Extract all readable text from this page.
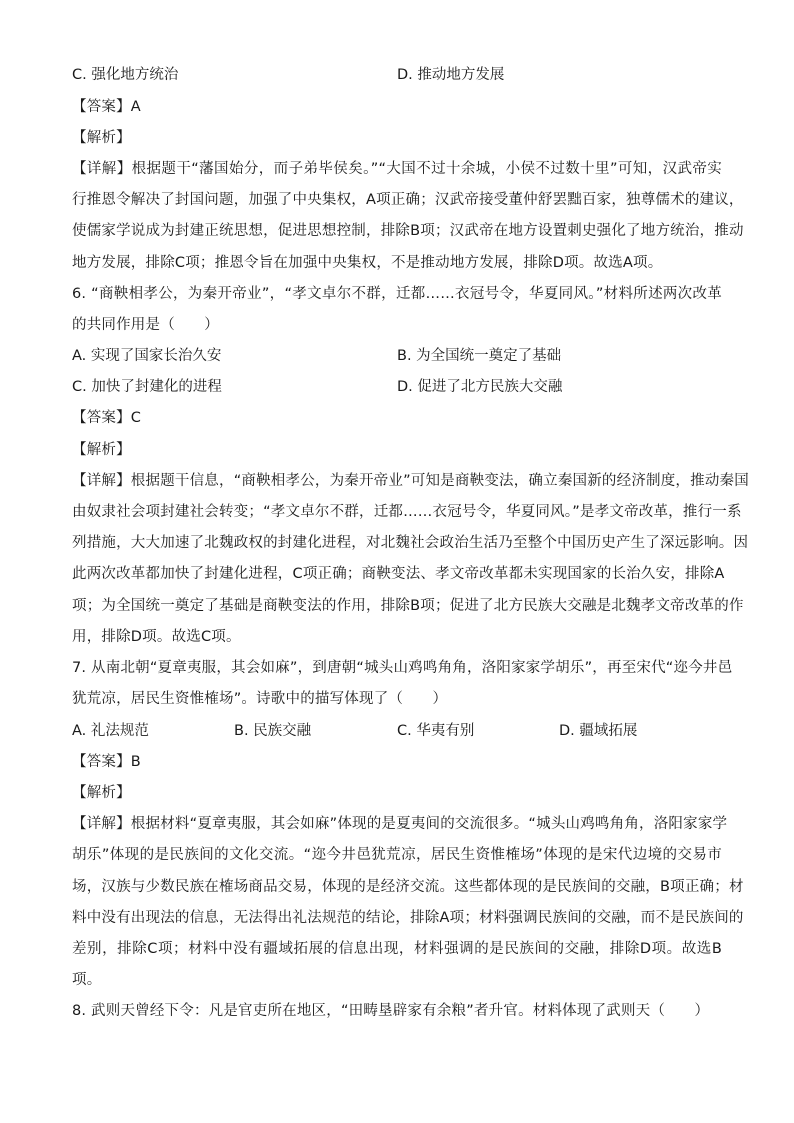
C. 强化地方统治	D. 推动地方发展
【答案】A
【解析】
【详解】根据题干“藩国始分，而子弟毕侯矣。”“大国不过十余城，小侯不过数十里”可知，汉武帝实
行推恩令解决了封国问题，加强了中央集权，A项正确；汉武帝接受董仲舒罢黜百家，独尊儒术的建议，
使儒家学说成为封建正统思想，促进思想控制，排除B项；汉武帝在地方设置刺史强化了地方统治，推动
地方发展，排除C项；推恩令旨在加强中央集权，不是推动地方发展，排除D项。故选A项。
6. “商鞅相孝公，为秦开帝业”，“孝文卓尔不群，迁都……衣冠号令，华夏同风。”材料所述两次改革
的共同作用是（　　）
A. 实现了国家长治久安	B. 为全国统一奠定了基础
C. 加快了封建化的进程	D. 促进了北方民族大交融
【答案】C
【解析】
【详解】根据题干信息，“商鞅相孝公，为秦开帝业”可知是商鞅变法，确立秦国新的经济制度，推动秦国
由奴隶社会项封建社会转变；“孝文卓尔不群，迁都……衣冠号令，华夏同风。”是孝文帝改革，推行一系
列措施，大大加速了北魏政权的封建化进程，对北魏社会政治生活乃至整个中国历史产生了深远影响。因
此两次改革都加快了封建化进程，C项正确；商鞅变法、孝文帝改革都未实现国家的长治久安，排除A
项；为全国统一奠定了基础是商鞅变法的作用，排除B项；促进了北方民族大交融是北魏孝文帝改革的作
用，排除D项。故选C项。
7. 从南北朝“夏章夷服，其会如麻”，到唐朝“城头山鸡鸣角角，洛阳家家学胡乐”，再至宋代“迩今井邑
犹荒凉，居民生资惟榷场”。诗歌中的描写体现了（　　）
A. 礼法规范	B. 民族交融	C. 华夷有别	D. 疆域拓展
【答案】B
【解析】
【详解】根据材料“夏章夷服，其会如麻”体现的是夏夷间的交流很多。“城头山鸡鸣角角，洛阳家家学
胡乐”体现的是民族间的文化交流。“迩今井邑犹荒凉，居民生资惟榷场”体现的是宋代边境的交易市
场，汉族与少数民族在榷场商品交易，体现的是经济交流。这些都体现的是民族间的交融，B项正确；材
料中没有出现法的信息，无法得出礼法规范的结论，排除A项；材料强调民族间的交融，而不是民族间的
差别，排除C项；材料中没有疆域拓展的信息出现，材料强调的是民族间的交融，排除D项。故选B
项。
8. 武则天曾经下令：凡是官吏所在地区，“田畴垦辟家有余粮”者升官。材料体现了武则天（　　）
